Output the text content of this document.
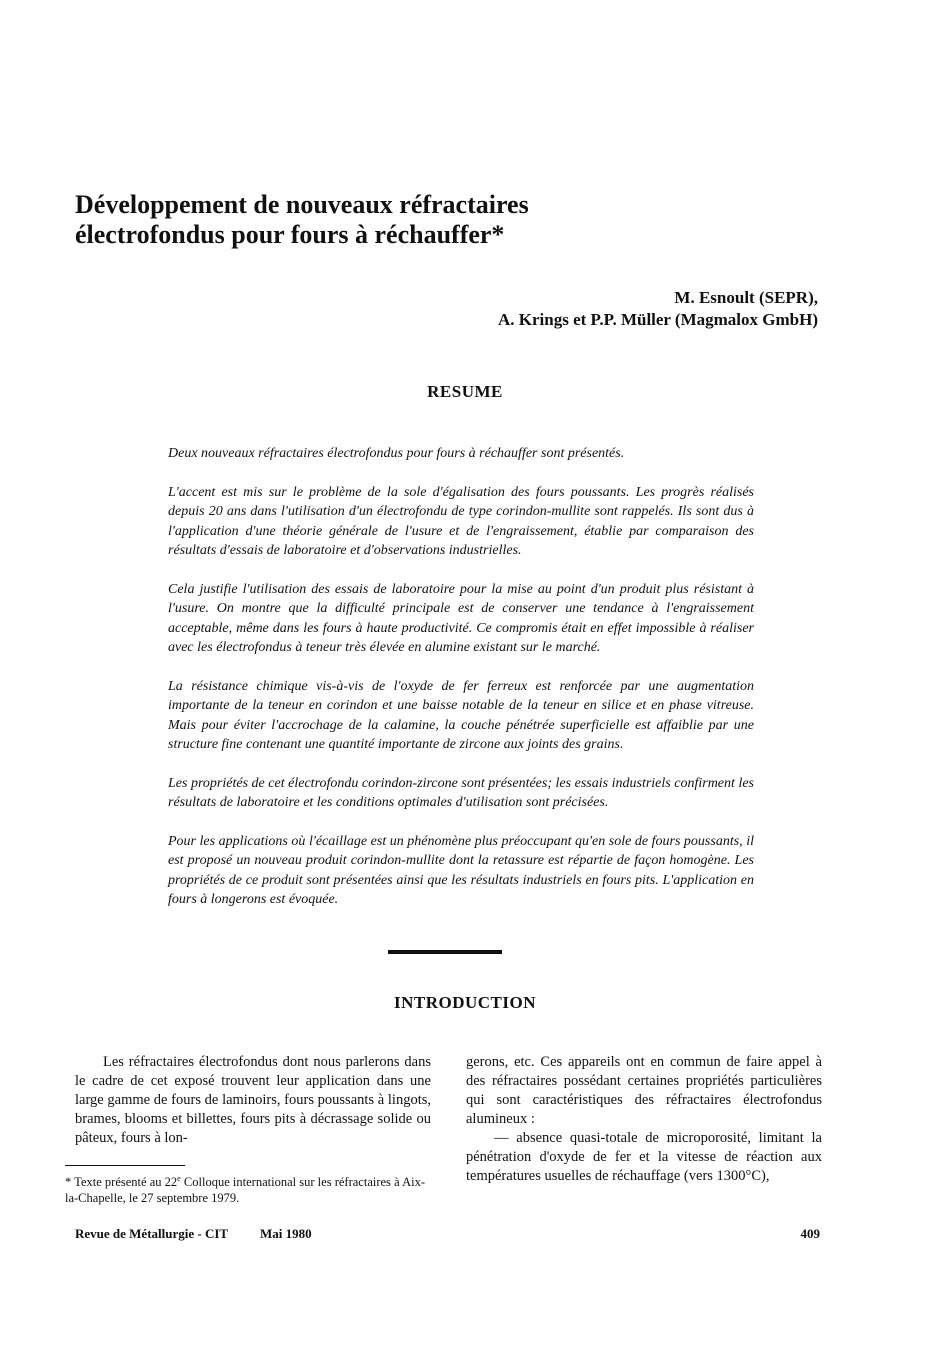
Développement de nouveaux réfractaires
électrofondus pour fours à réchauffer*
M. Esnoult (SEPR),
A. Krings et P.P. Müller (Magmalox GmbH)
RESUME

Deux nouveaux réfractaires électrofondus pour fours à réchauffer sont présentés.

L'accent est mis sur le problème de la sole d'égalisation des fours poussants. Les progrès réalisés depuis 20 ans dans l'utilisation d'un électrofondu de type corindon-mullite sont rappelés. Ils sont dus à l'application d'une théorie générale de l'usure et de l'engraissement, établie par comparaison des résultats d'essais de laboratoire et d'observations industrielles.

Cela justifie l'utilisation des essais de laboratoire pour la mise au point d'un produit plus résistant à l'usure. On montre que la difficulté principale est de conserver une tendance à l'engraissement acceptable, même dans les fours à haute productivité. Ce compromis était en effet impossible à réaliser avec les électrofondus à teneur très élevée en alumine existant sur le marché.

La résistance chimique vis-à-vis de l'oxyde de fer ferreux est renforcée par une augmentation importante de la teneur en corindon et une baisse notable de la teneur en silice et en phase vitreuse. Mais pour éviter l'accrochage de la calamine, la couche pénétrée superficielle est affaiblie par une structure fine contenant une quantité importante de zircone aux joints des grains.

Les propriétés de cet électrofondu corindon-zircone sont présentées; les essais industriels confirment les résultats de laboratoire et les conditions optimales d'utilisation sont précisées.

Pour les applications où l'écaillage est un phénomène plus préoccupant qu'en sole de fours poussants, il est proposé un nouveau produit corindon-mullite dont la retassure est répartie de façon homogène. Les propriétés de ce produit sont présentées ainsi que les résultats industriels en fours pits. L'application en fours à longerons est évoquée.

INTRODUCTION

Les réfractaires électrofondus dont nous parlerons dans le cadre de cet exposé trouvent leur application dans une large gamme de fours de laminoirs, fours poussants à lingots, brames, blooms et billettes, fours pits à décrassage solide ou pâteux, fours à lon-

gerons, etc. Ces appareils ont en commun de faire appel à des réfractaires possédant certaines propriétés particulières qui sont caractéristiques des réfractaires électrofondus alumineux :

— absence quasi-totale de microporosité, limitant la pénétration d'oxyde de fer et la vitesse de réaction aux températures usuelles de réchauffage (vers 1300°C),

* Texte présenté au 22e Colloque international sur les réfractaires à Aix-la-Chapelle, le 27 septembre 1979.
Revue de Métallurgie - CIT Mai 1980	409
